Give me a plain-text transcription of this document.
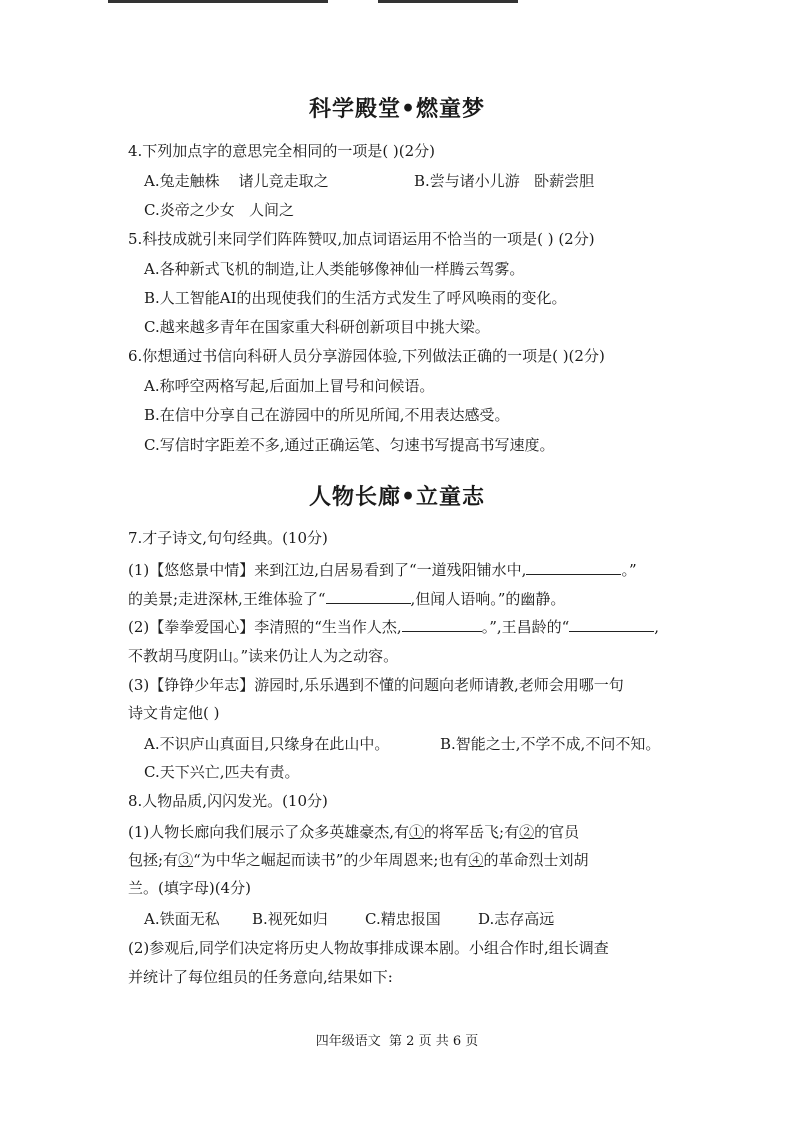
科学殿堂•燃童梦
4.下列加点字的意思完全相同的一项是( )(2分)
A.兔走触株    诸儿竞走取之	B.尝与诸小儿游   卧薪尝胆
C.炎帝之少女   人间之
5.科技成就引来同学们阵阵赞叹,加点词语运用不恰当的一项是( ) (2分)
A.各种新式飞机的制造,让人类能够像神仙一样腾云驾雾。
B.人工智能AI的出现使我们的生活方式发生了呼风唤雨的变化。
C.越来越多青年在国家重大科研创新项目中挑大梁。
6.你想通过书信向科研人员分享游园体验,下列做法正确的一项是( )(2分)
A.称呼空两格写起,后面加上冒号和问候语。
B.在信中分享自己在游园中的所见所闻,不用表达感受。
C.写信时字距差不多,通过正确运笔、匀速书写提高书写速度。
人物长廊•立童志
7.才子诗文,句句经典。(10分)
(1)【悠悠景中情】来到江边,白居易看到了“一道残阳铺水中,	。”
的美景;走进深林,王维体验了“	,但闻人语响。”的幽静。
(2)【拳拳爱国心】李清照的“生当作人杰,	。”,王昌龄的“	,
不教胡马度阴山。”读来仍让人为之动容。
(3)【铮铮少年志】游园时,乐乐遇到不懂的问题向老师请教,老师会用哪一句
诗文肯定他( )
A.不识庐山真面目,只缘身在此山中。	B.智能之士,不学不成,不问不知。
C.天下兴亡,匹夫有责。
8.人物品质,闪闪发光。(10分)
(1)人物长廊向我们展示了众多英雄豪杰,有①的将军岳飞;有②的官员
包拯;有③“为中华之崛起而读书”的少年周恩来;也有④的革命烈士刘胡
兰。(填字母)(4分)
A.铁面无私 B.视死如归 C.精忠报国 D.志存高远
(2)参观后,同学们决定将历史人物故事排成课本剧。小组合作时,组长调查
并统计了每位组员的任务意向,结果如下:
四年级语文  第 2 页 共 6 页
